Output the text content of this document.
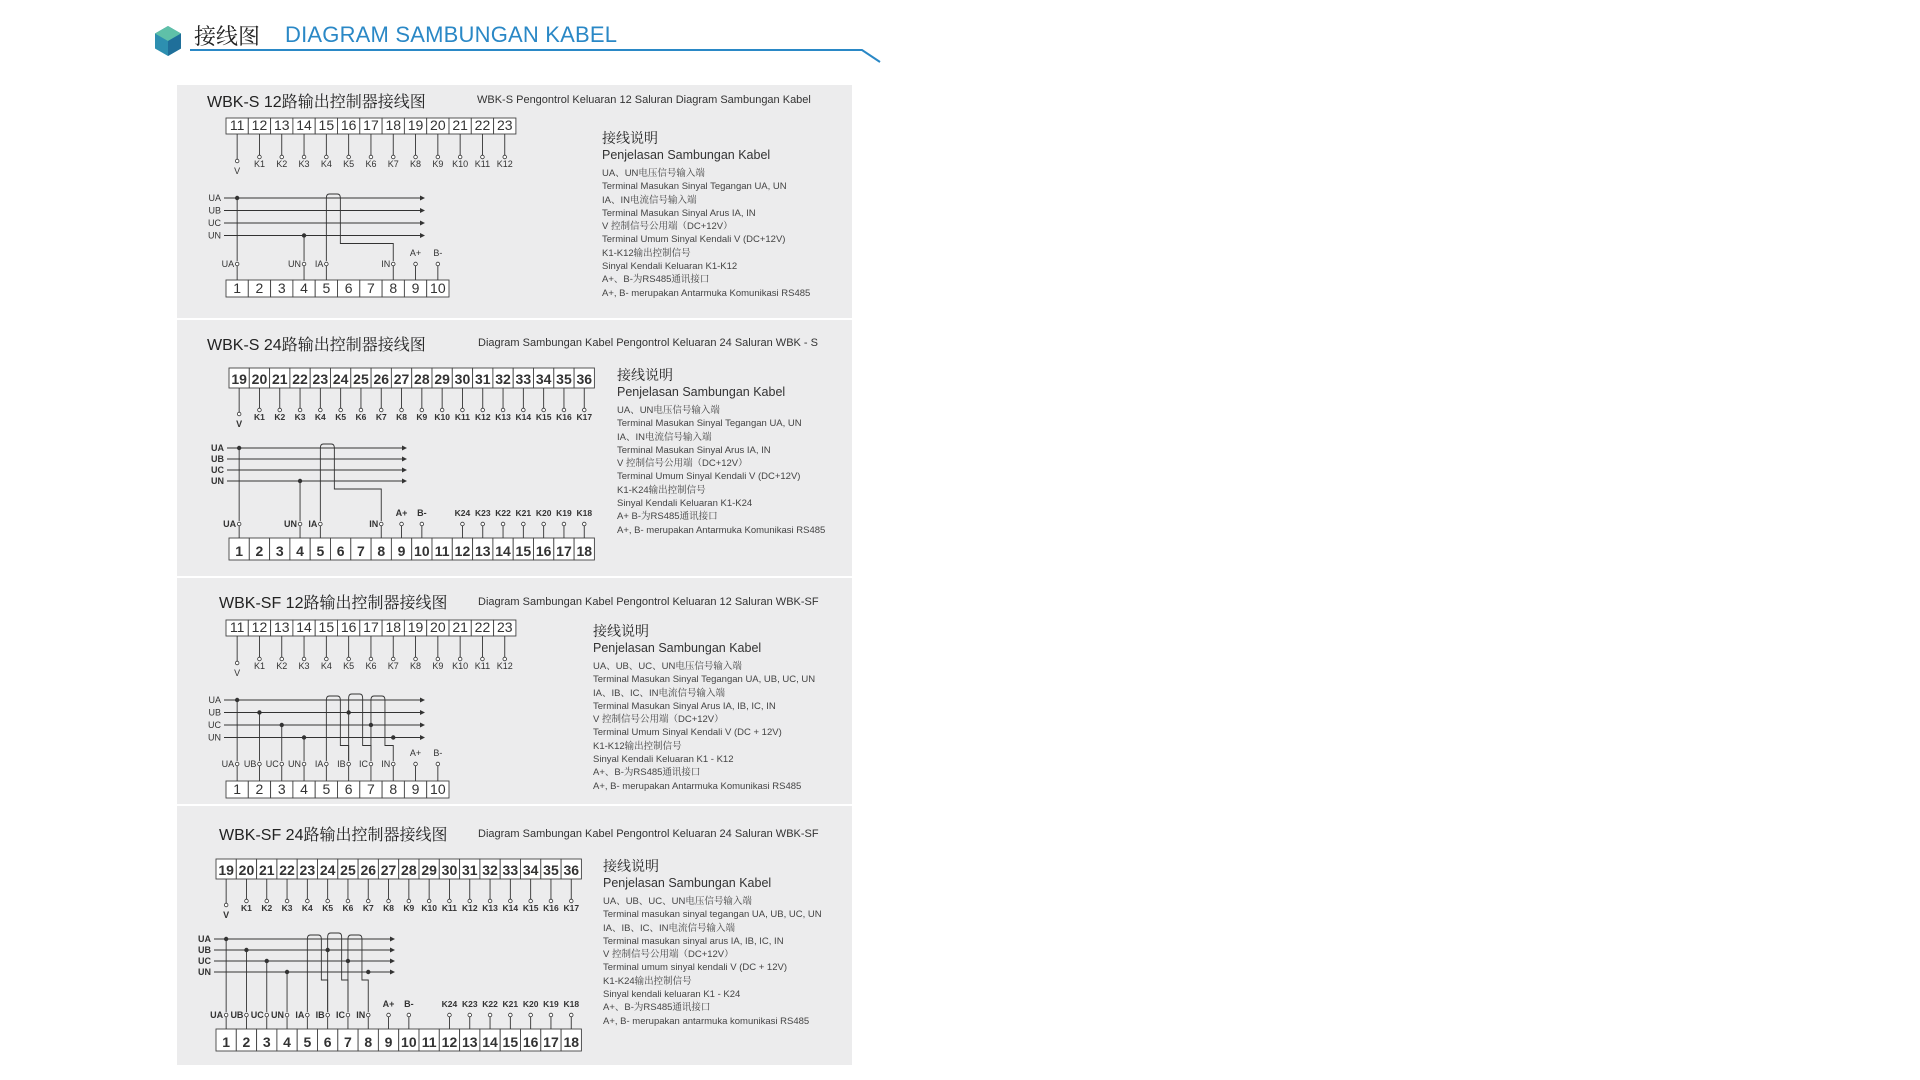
接线图 DIAGRAM SAMBUNGAN KABEL
WBK-S 12路输出控制器接线图	WBK-S Pengontrol Keluaran 12 Saluran Diagram Sambungan Kabel
11 12 13 14 15 16 17 18 19 20 21 22 23
V
K1 K2 K3 K4 K5 K6 K7 K8 K9 K10 K11 K12
UA
UB
UC
UN
1 2 3 4 5 6 7 8 9 10
UA	UN IA	IN
A+ B-
接线说明
Penjelasan Sambungan Kabel
UA、UN电压信号输入端
Terminal Masukan Sinyal Tegangan UA, UN
IA、IN电流信号输入端
Terminal Masukan Sinyal Arus IA, IN
V 控制信号公用端（DC+12V）
Terminal Umum Sinyal Kendali V (DC+12V)
K1-K12输出控制信号
Sinyal Kendali Keluaran K1-K12
A+、B-为RS485通讯接口
A+, B- merupakan Antarmuka Komunikasi RS485
WBK-S 24路输出控制器接线图	Diagram Sambungan Kabel Pengontrol Keluaran 24 Saluran WBK - S
19 20 21 22 23 24 25 26 27 28 29 30 31 32 33 34 35 36
V
K1 K2 K3 K4 K5 K6 K7 K8 K9 K10 K11 K12 K13 K14 K15 K16 K17
UA
UB
UC
UN
1 2 3 4 5 6 7 8 9 10 11 12 13 14 15 16 17 18
UA	UN IA	IN
A+ B-	K24 K23 K22 K21 K20 K19 K18
接线说明
Penjelasan Sambungan Kabel
UA、UN电压信号输入端
Terminal Masukan Sinyal Tegangan UA, UN
IA、IN电流信号输入端
Terminal Masukan Sinyal Arus IA, IN
V 控制信号公用端（DC+12V）
Terminal Umum Sinyal Kendali V (DC+12V)
K1-K24输出控制信号
Sinyal Kendali Keluaran K1-K24
A+ B-为RS485通讯接口
A+, B- merupakan Antarmuka Komunikasi RS485
WBK-SF 12路输出控制器接线图	Diagram Sambungan Kabel Pengontrol Keluaran 12 Saluran WBK-SF
11 12 13 14 15 16 17 18 19 20 21 22 23
V
K1 K2 K3 K4 K5 K6 K7 K8 K9 K10 K11 K12
UA
UB
UC
UN
1 2 3 4 5 6 7 8 9 10
UA UB UC UN IA IB IC IN
A+ B-
接线说明
Penjelasan Sambungan Kabel
UA、UB、UC、UN电压信号输入端
Terminal Masukan Sinyal Tegangan UA, UB, UC, UN
IA、IB、IC、IN电流信号输入端
Terminal Masukan Sinyal Arus IA, IB, IC, IN
V 控制信号公用端（DC+12V）
Terminal Umum Sinyal Kendali V (DC + 12V)
K1-K12输出控制信号
Sinyal Kendali Keluaran K1 - K12
A+、B-为RS485通讯接口
A+, B- merupakan Antarmuka Komunikasi RS485
WBK-SF 24路输出控制器接线图	Diagram Sambungan Kabel Pengontrol Keluaran 24 Saluran WBK-SF
19 20 21 22 23 24 25 26 27 28 29 30 31 32 33 34 35 36
V
K1 K2 K3 K4 K5 K6 K7 K8 K9 K10 K11 K12 K13 K14 K15 K16 K17
UA
UB
UC
UN
1 2 3 4 5 6 7 8 9 10 11 12 13 14 15 16 17 18
UA UB UC UN IA IB IC IN
A+ B-	K24 K23 K22 K21 K20 K19 K18
接线说明
Penjelasan Sambungan Kabel
UA、UB、UC、UN电压信号输入端
Terminal masukan sinyal tegangan UA, UB, UC, UN
IA、IB、IC、IN电流信号输入端
Terminal masukan sinyal arus IA, IB, IC, IN
V 控制信号公用端（DC+12V）
Terminal umum sinyal kendali V (DC + 12V)
K1-K24输出控制信号
Sinyal kendali keluaran K1 - K24
A+、B-为RS485通讯接口
A+, B- merupakan antarmuka komunikasi RS485
